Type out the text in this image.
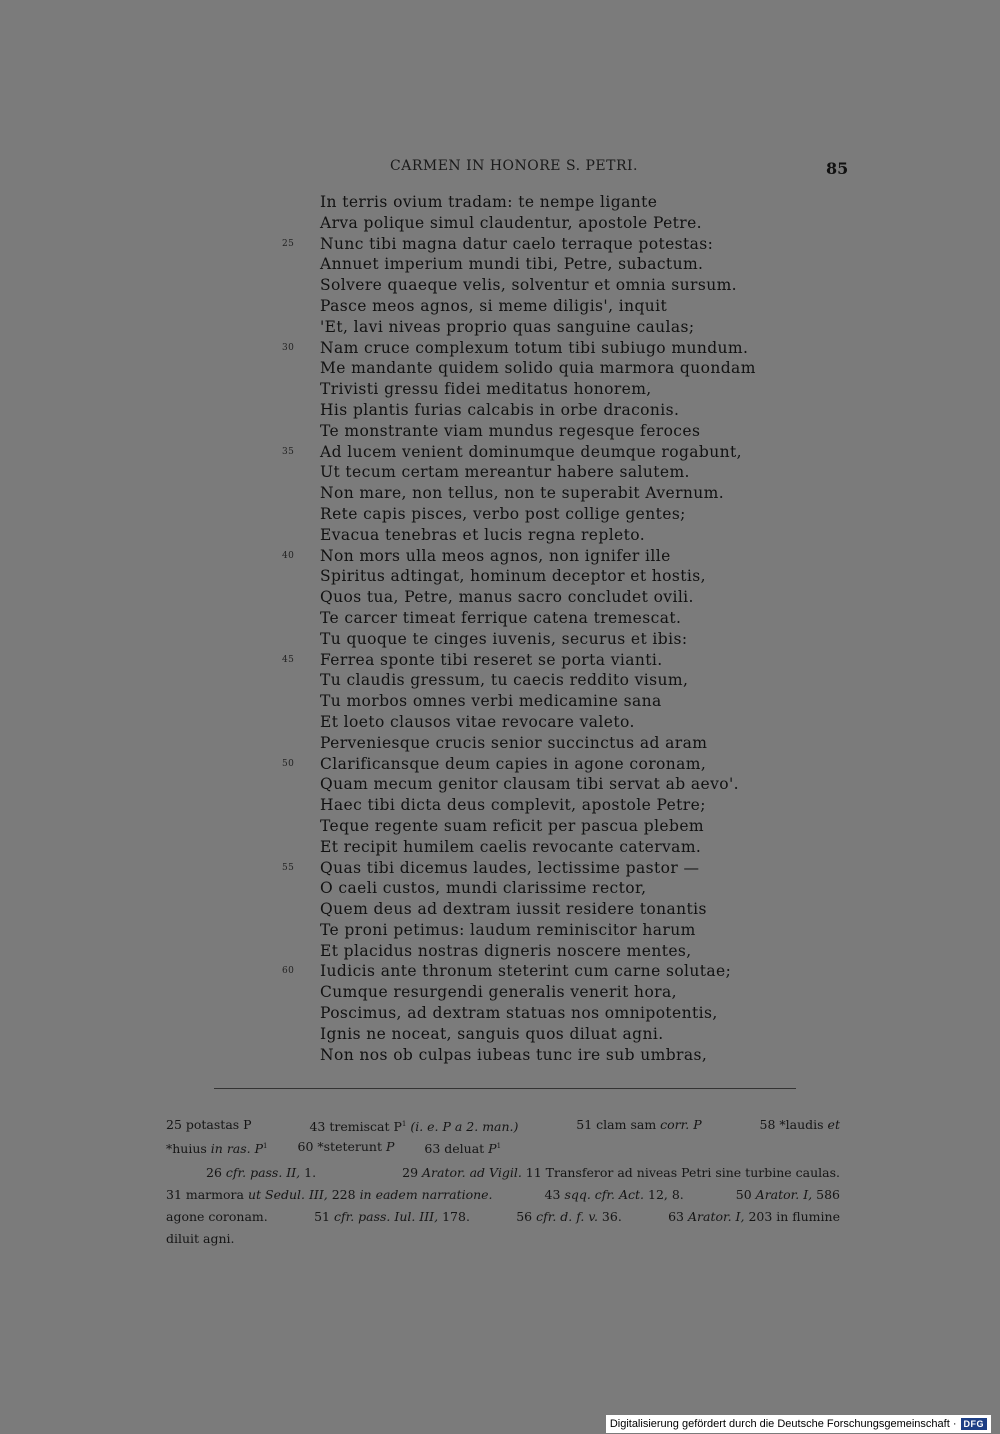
CARMEN IN HONORE S. PETRI.	85
In terris ovium tradam: te nempe ligante
Arva polique simul claudentur, apostole Petre.
25	Nunc tibi magna datur caelo terraque potestas:
Annuet imperium mundi tibi, Petre, subactum.
Solvere quaeque velis, solventur et omnia sursum.
Pasce meos agnos, si meme diligis', inquit
'Et, lavi niveas proprio quas sanguine caulas;
30	Nam cruce complexum totum tibi subiugo mundum.
Me mandante quidem solido quia marmora quondam
Trivisti gressu fidei meditatus honorem,
His plantis furias calcabis in orbe draconis.
Te monstrante viam mundus regesque feroces
35	Ad lucem venient dominumque deumque rogabunt,
Ut tecum certam mereantur habere salutem.
Non mare, non tellus, non te superabit Avernum.
Rete capis pisces, verbo post collige gentes;
Evacua tenebras et lucis regna repleto.
40	Non mors ulla meos agnos, non ignifer ille
Spiritus adtingat, hominum deceptor et hostis,
Quos tua, Petre, manus sacro concludet ovili.
Te carcer timeat ferrique catena tremescat.
Tu quoque te cinges iuvenis, securus et ibis:
45	Ferrea sponte tibi reseret se porta vianti.
Tu claudis gressum, tu caecis reddito visum,
Tu morbos omnes verbi medicamine sana
Et loeto clausos vitae revocare valeto.
Perveniesque crucis senior succinctus ad aram
50	Clarificansque deum capies in agone coronam,
Quam mecum genitor clausam tibi servat ab aevo'.
Haec tibi dicta deus complevit, apostole Petre;
Teque regente suam reficit per pascua plebem
Et recipit humilem caelis revocante catervam.
55	Quas tibi dicemus laudes, lectissime pastor —
O caeli custos, mundi clarissime rector,
Quem deus ad dextram iussit residere tonantis
Te proni petimus: laudum reminiscitor harum
Et placidus nostras digneris noscere mentes,
60	Iudicis ante thronum steterint cum carne solutae;
Cumque resurgendi generalis venerit hora,
Poscimus, ad dextram statuas nos omnipotentis,
Ignis ne noceat, sanguis quos diluat agni.
Non nos ob culpas iubeas tunc ire sub umbras,
25 potastas P	43 tremiscat $P^1$ (i. e. P a 2. man.)	51 clam sam corr. P	58 *laudis et
*huius in ras. $P^1$ 60 *steterunt P 63 deluat $P^1$
26 cfr. pass. II, 1.	29 Arator. ad Vigil. 11 Transferor ad niveas Petri sine turbine caulas.
31 marmora ut Sedul. III, 228 in eadem narratione.	43 sqq. cfr. Act. 12, 8.	50 Arator. I, 586
agone coronam.	51 cfr. pass. Iul. III, 178.	56 cfr. d. f. v. 36.	63 Arator. I, 203 in flumine
diluit agni.
Digitalisierung gefördert durch die Deutsche Forschungsgemeinschaft · DFG
